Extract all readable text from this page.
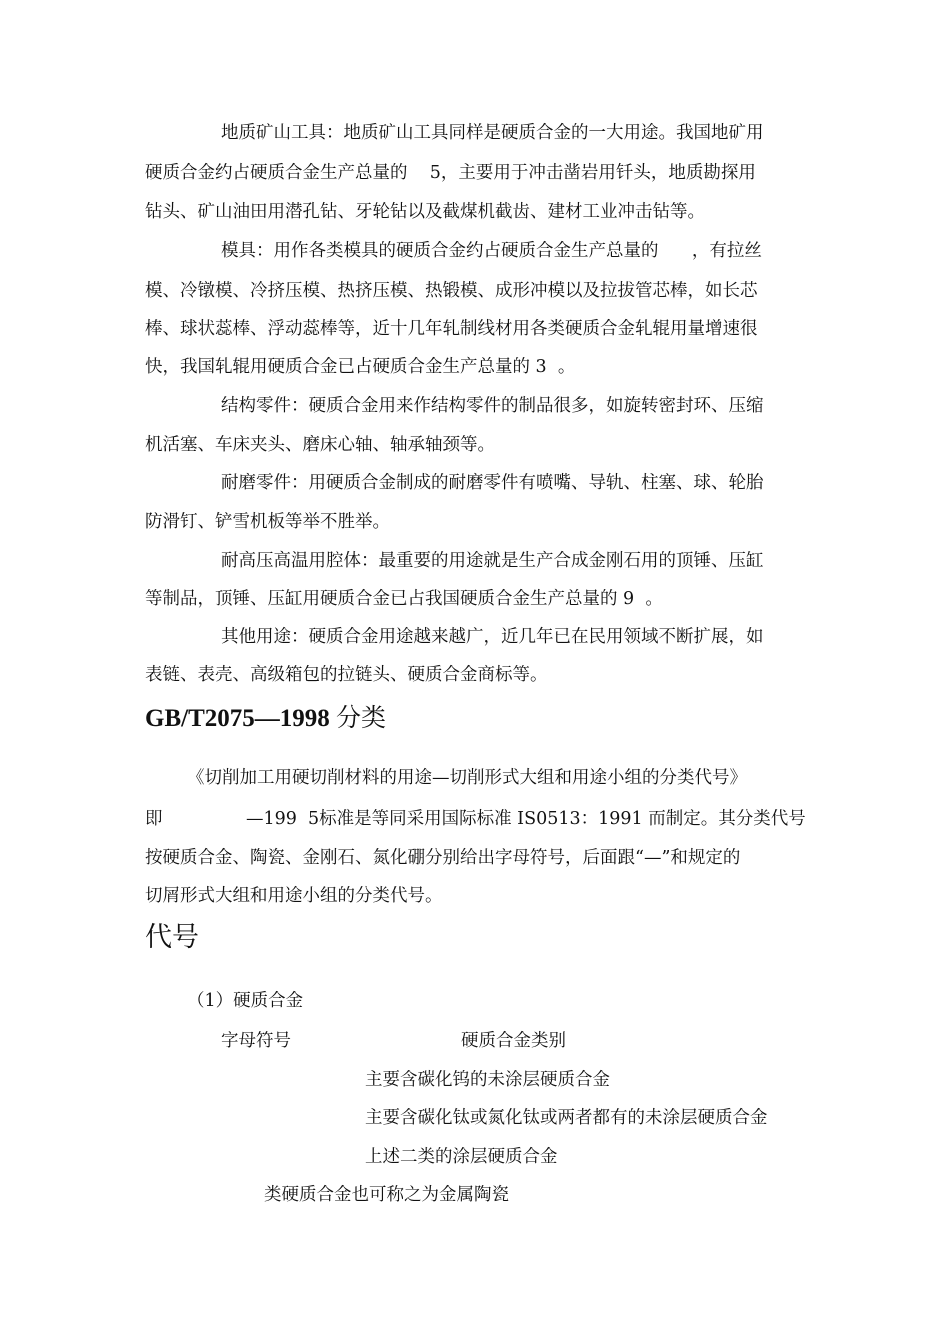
地质矿山工具：地质矿山工具同样是硬质合金的一大用途。我国地矿用
硬质合金约占硬质合金生产总量的    5，主要用于冲击凿岩用钎头，地质勘探用
钻头、矿山油田用潜孔钻、牙轮钻以及截煤机截齿、建材工业冲击钻等。
模具：用作各类模具的硬质合金约占硬质合金生产总量的      ，有拉丝
模、冷镦模、冷挤压模、热挤压模、热锻模、成形冲模以及拉拔管芯棒，如长芯
棒、球状蕊棒、浮动蕊棒等，近十几年轧制线材用各类硬质合金轧辊用量增速很
快，我国轧辊用硬质合金已占硬质合金生产总量的 3  。
结构零件：硬质合金用来作结构零件的制品很多，如旋转密封环、压缩
机活塞、车床夹头、磨床心轴、轴承轴颈等。
耐磨零件：用硬质合金制成的耐磨零件有喷嘴、导轨、柱塞、球、轮胎
防滑钉、铲雪机板等举不胜举。
耐高压高温用腔体：最重要的用途就是生产合成金刚石用的顶锤、压缸
等制品，顶锤、压缸用硬质合金已占我国硬质合金生产总量的 9  。
其他用途：硬质合金用途越来越广，近几年已在民用领域不断扩展，如
表链、表壳、高级箱包的拉链头、硬质合金商标等。
GB/T2075—1998 分类
《切削加工用硬切削材料的用途—切削形式大组和用途小组的分类代号》
即               —199  5标准是等同采用国际标准 IS0513：1991 而制定。其分类代号
按硬质合金、陶瓷、金刚石、氮化硼分别给出字母符号，后面跟“—”和规定的
切屑形式大组和用途小组的分类代号。
代号
（1）硬质合金
字母符号	硬质合金类别
主要含碳化钨的未涂层硬质合金
主要含碳化钛或氮化钛或两者都有的未涂层硬质合金
上述二类的涂层硬质合金
类硬质合金也可称之为金属陶瓷
